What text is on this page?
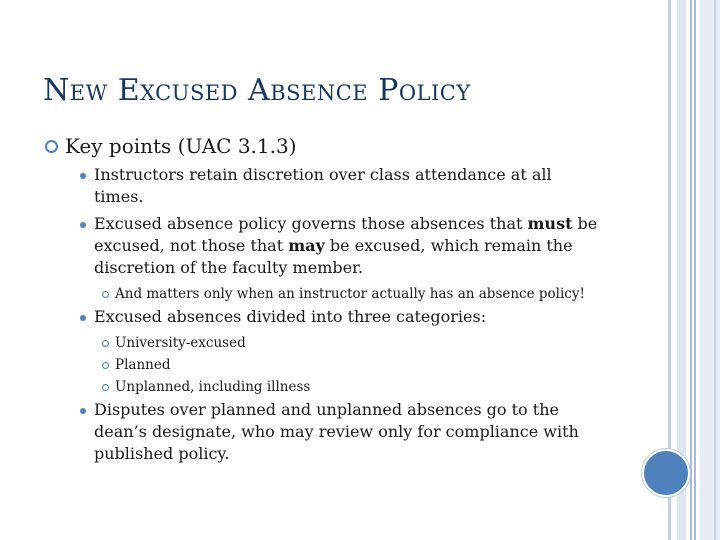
New Excused Absence Policy
Key points (UAC 3.1.3)
Instructors retain discretion over class attendance at all times.
Excused absence policy governs those absences that must be excused, not those that may be excused, which remain the discretion of the faculty member.
And matters only when an instructor actually has an absence policy!
Excused absences divided into three categories:
University-excused
Planned
Unplanned, including illness
Disputes over planned and unplanned absences go to the dean’s designate, who may review only for compliance with published policy.
